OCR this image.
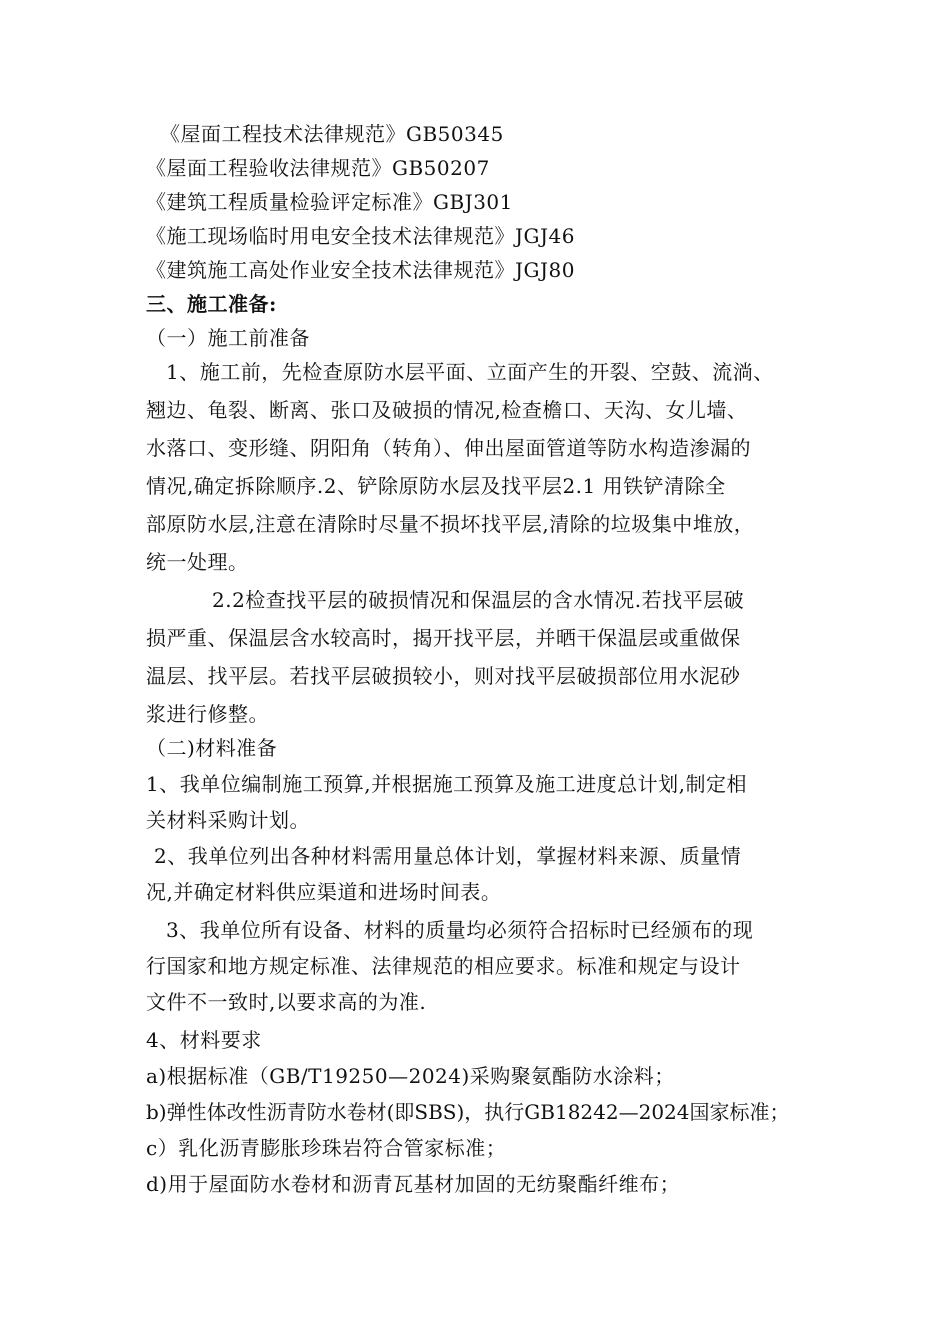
《屋面工程技术法律规范》GB50345
《屋面工程验收法律规范》GB50207
《建筑工程质量检验评定标准》GBJ301
《施工现场临时用电安全技术法律规范》JGJ46
《建筑施工高处作业安全技术法律规范》JGJ80
三、施工准备:
（一）施工前准备
1、施工前，先检查原防水层平面、立面产生的开裂、空鼓、流淌、
翘边、龟裂、断离、张口及破损的情况,检查檐口、天沟、女儿墙、
水落口、变形缝、阴阳角（转角）、伸出屋面管道等防水构造渗漏的
情况,确定拆除顺序.2、铲除原防水层及找平层2.1 用铁铲清除全
部原防水层,注意在清除时尽量不损坏找平层,清除的垃圾集中堆放，
统一处理。
2.2检查找平层的破损情况和保温层的含水情况.若找平层破
损严重、保温层含水较高时，揭开找平层，并晒干保温层或重做保
温层、找平层。若找平层破损较小，则对找平层破损部位用水泥砂
浆进行修整。
（二)材料准备
1、我单位编制施工预算,并根据施工预算及施工进度总计划,制定相
关材料采购计划。
2、我单位列出各种材料需用量总体计划，掌握材料来源、质量情
况,并确定材料供应渠道和进场时间表。
3、我单位所有设备、材料的质量均必须符合招标时已经颁布的现
行国家和地方规定标准、法律规范的相应要求。标准和规定与设计
文件不一致时,以要求高的为准.
4、材料要求
a)根据标准（GB/T19250—2024)采购聚氨酯防水涂料；
b)弹性体改性沥青防水卷材(即SBS)，执行GB18242—2024国家标准；
c）乳化沥青膨胀珍珠岩符合管家标准；
d)用于屋面防水卷材和沥青瓦基材加固的无纺聚酯纤维布；
